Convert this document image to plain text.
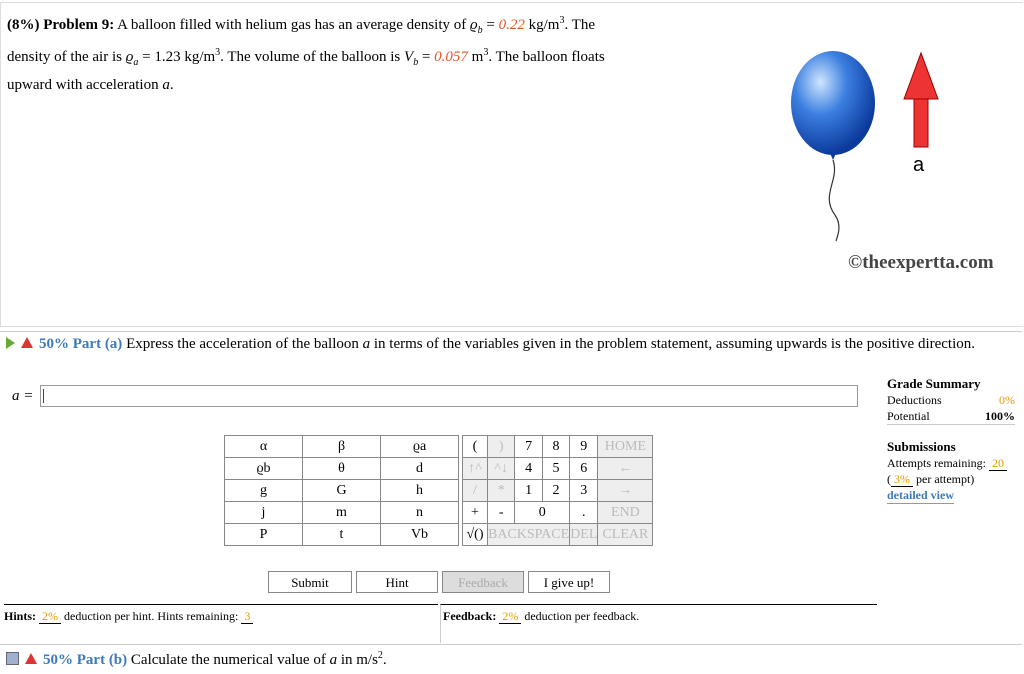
(8%) Problem 9: A balloon filled with helium gas has an average density of $ϱ_b = 0.22$ $kg/m^3$. The
density of the air is $ϱ_a = 1.23$ $kg/m^3$. The volume of the balloon is $V_b = 0.057$ $m^3$. The balloon floats
upward with acceleration a.
a
©theexpertta.com
50% Part (a) Express the acceleration of the balloon a in terms of the variables given in the problem statement, assuming upwards is the positive direction.
a =
Grade Summary
Deductions	0%
Potential	100%
Submissions
Attempts remaining: 20
( 3% per attempt)
detailed view
α	β	ϱa		(	)	7	8	9	HOME
ϱb	θ	d		↑^	^↓	4	5	6	←
g	G	h		/	*	1	2	3	→
j	m	n		+	-	0		.	END
P	t	Vb		√()	BACKSPACE			DEL	CLEAR
Submit	Hint	Feedback	I give up!
Hints: 2% deduction per hint. Hints remaining: 3	Feedback: 2% deduction per feedback.
50% Part (b) Calculate the numerical value of a in $m/s^2$.
